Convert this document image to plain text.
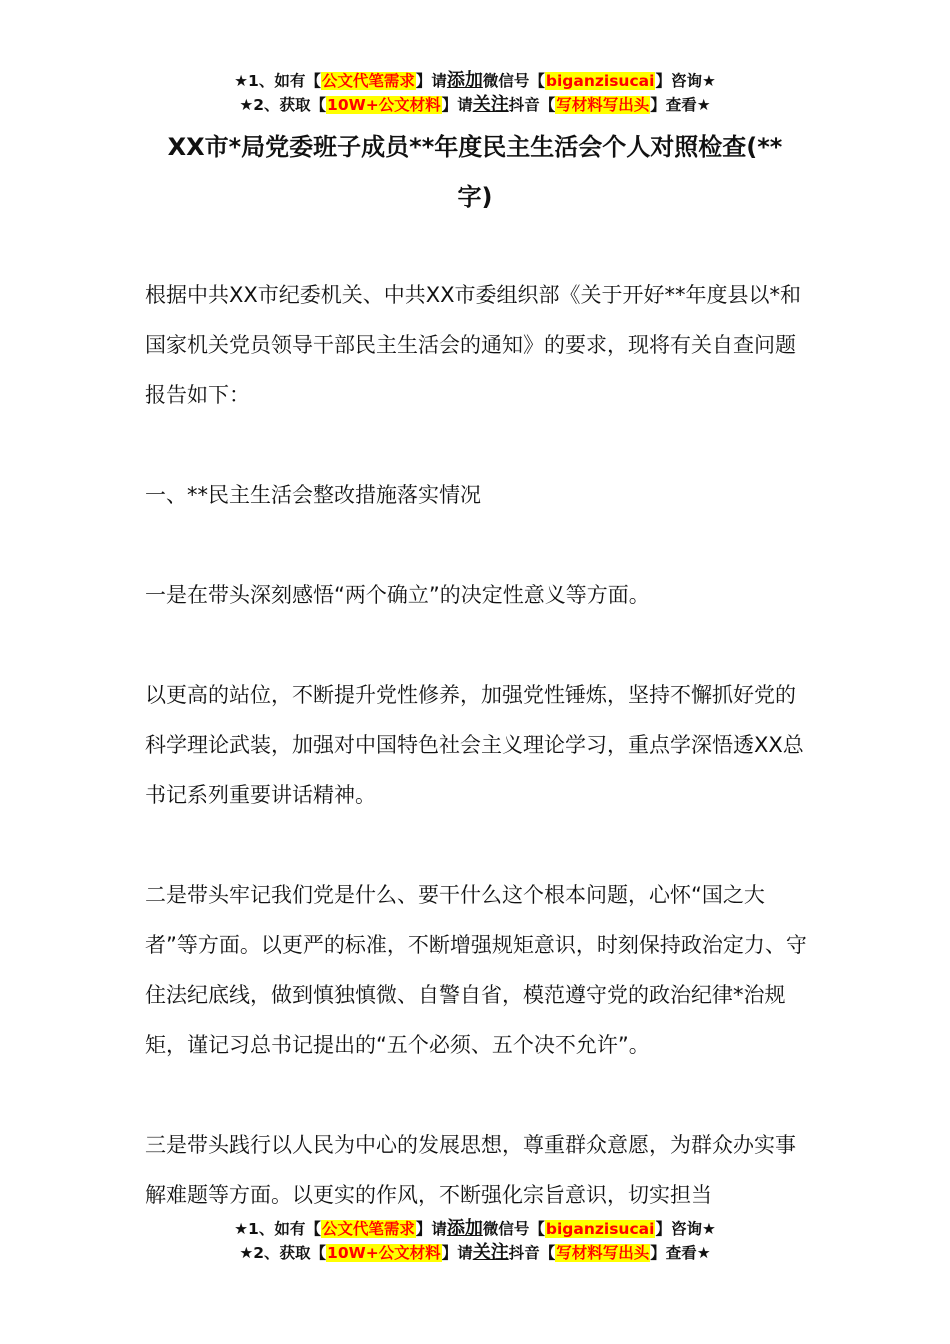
★1、如有【公文代笔需求】请添加微信号【biganzisucai】咨询★
★2、获取【10W+公文材料】请关注抖音【写材料写出头】查看★
XX市*局党委班子成员**年度民主生活会个人对照检查(**
字)

根据中共XX市纪委机关、中共XX市委组织部《关于开好**年度县以*和国家机关党员领导干部民主生活会的通知》的要求，现将有关自查问题报告如下：

一、**民主生活会整改措施落实情况

一是在带头深刻感悟“两个确立”的决定性意义等方面。

以更高的站位，不断提升党性修养，加强党性锤炼，坚持不懈抓好党的科学理论武装，加强对中国特色社会主义理论学习，重点学深悟透XX总书记系列重要讲话精神。

二是带头牢记我们党是什么、要干什么这个根本问题，心怀“国之大者”等方面。以更严的标准，不断增强规矩意识，时刻保持政治定力、守住法纪底线，做到慎独慎微、自警自省，模范遵守党的政治纪律*治规矩，谨记习总书记提出的“五个必须、五个决不允许”。

三是带头践行以人民为中心的发展思想，尊重群众意愿，为群众办实事解难题等方面。以更实的作风，不断强化宗旨意识，切实担当

★1、如有【公文代笔需求】请添加微信号【biganzisucai】咨询★
★2、获取【10W+公文材料】请关注抖音【写材料写出头】查看★
